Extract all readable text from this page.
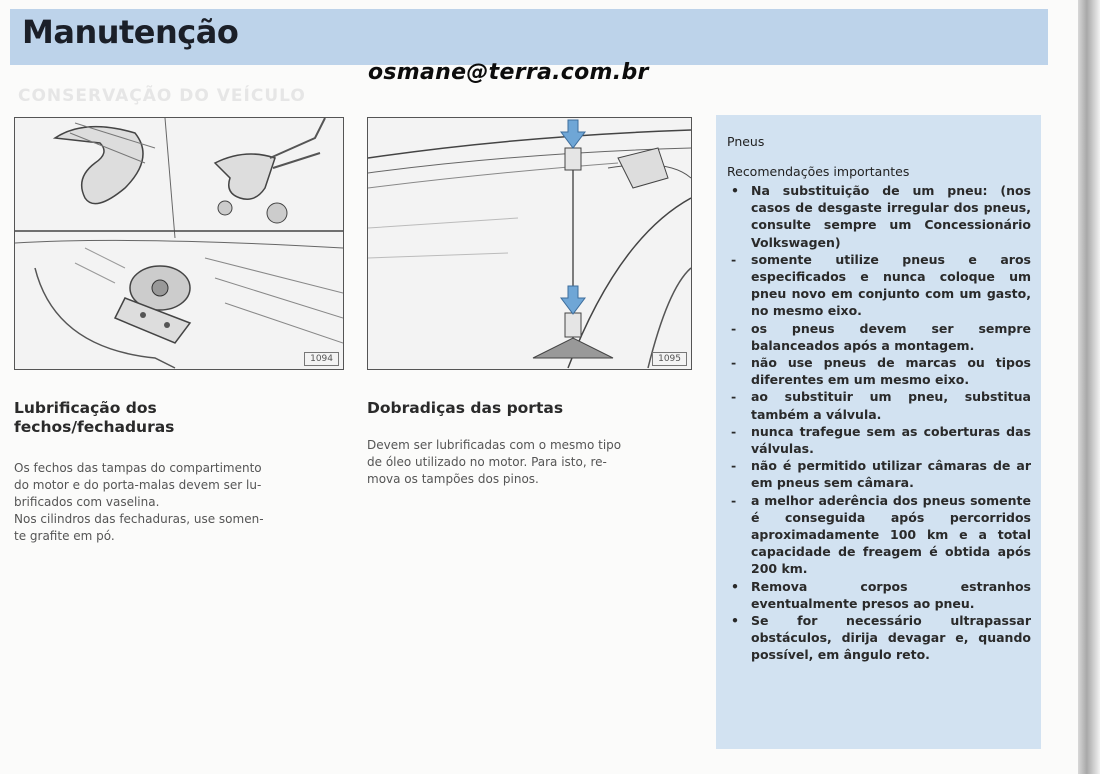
Manutenção
CONSERVAÇÃO DO VEÍCULO
osmane@terra.com.br
1094	1095
Lubrificação dos
fechos/fechaduras
Os fechos das tampas do compartimento
do motor e do porta-malas devem ser lu-
brificados com vaselina.
Nos cilindros das fechaduras, use somen-
te grafite em pó.
Dobradiças das portas
Devem ser lubrificadas com o mesmo tipo
de óleo utilizado no motor. Para isto, re-
mova os tampões dos pinos.
Pneus
Recomendações importantes
• Na substituição de um pneu: (nos casos de desgaste irregular dos pneus, consulte sempre um Concessionário Volkswagen)
- somente utilize pneus e aros especificados e nunca coloque um pneu novo em conjunto com um gasto, no mesmo eixo.
- os pneus devem ser sempre balanceados após a montagem.
- não use pneus de marcas ou tipos diferentes em um mesmo eixo.
- ao substituir um pneu, substitua também a válvula.
- nunca trafegue sem as coberturas das válvulas.
- não é permitido utilizar câmaras de ar em pneus sem câmara.
- a melhor aderência dos pneus somente é conseguida após percorridos aproximadamente 100 km e a total capacidade de freagem é obtida após 200 km.
• Remova corpos estranhos eventualmente presos ao pneu.
• Se for necessário ultrapassar obstáculos, dirija devagar e, quando possível, em ângulo reto.
